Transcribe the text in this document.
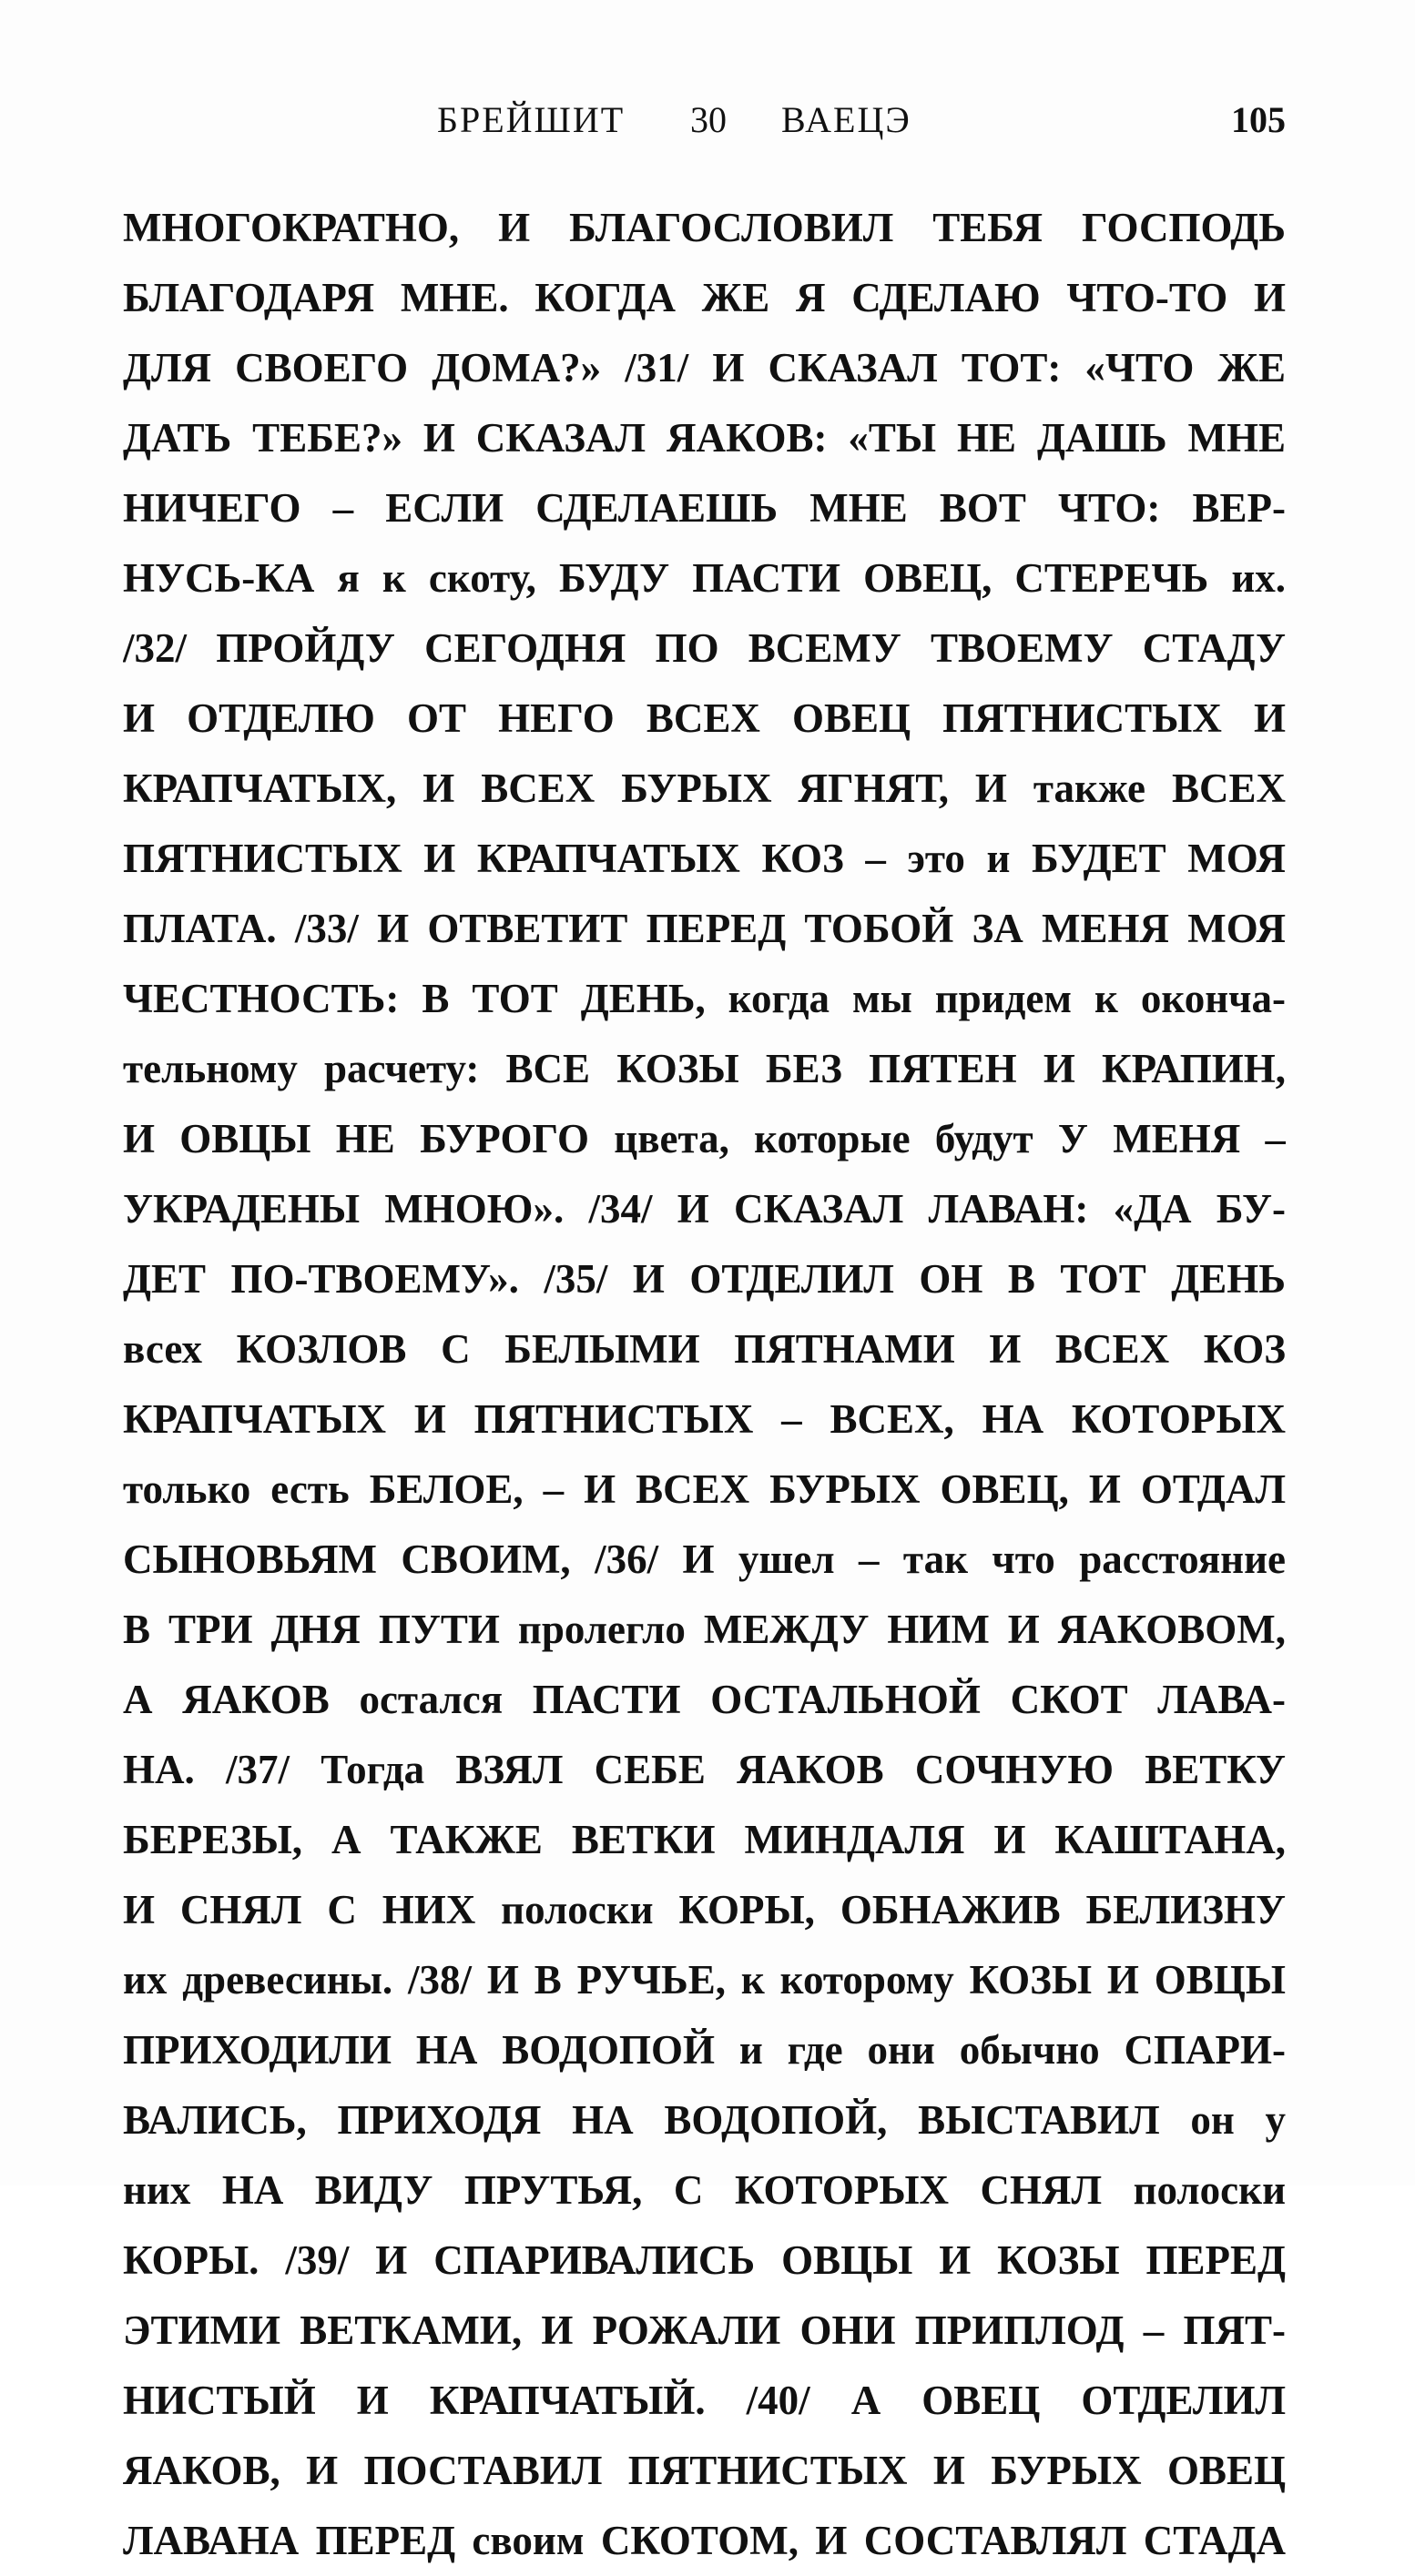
БРЕЙШИТ 30 ВАЕЦЭ	105
МНОГОКРАТНО, И БЛАГОСЛОВИЛ ТЕБЯ ГОСПОДЬ
БЛАГОДАРЯ МНЕ. КОГДА ЖЕ Я СДЕЛАЮ ЧТО-ТО И
ДЛЯ СВОЕГО ДОМА?» /31/ И СКАЗАЛ ТОТ: «ЧТО ЖЕ
ДАТЬ ТЕБЕ?» И СКАЗАЛ ЯАКОВ: «ТЫ НЕ ДАШЬ МНЕ
НИЧЕГО – ЕСЛИ СДЕЛАЕШЬ МНЕ ВОТ ЧТО: ВЕР-
НУСЬ-КА я к скоту, БУДУ ПАСТИ ОВЕЦ, СТЕРЕЧЬ их.
/32/ ПРОЙДУ СЕГОДНЯ ПО ВСЕМУ ТВОЕМУ СТАДУ
И ОТДЕЛЮ ОТ НЕГО ВСЕХ ОВЕЦ ПЯТНИСТЫХ И
КРАПЧАТЫХ, И ВСЕХ БУРЫХ ЯГНЯТ, И также ВСЕХ
ПЯТНИСТЫХ И КРАПЧАТЫХ КОЗ – это и БУДЕТ МОЯ
ПЛАТА. /33/ И ОТВЕТИТ ПЕРЕД ТОБОЙ ЗА МЕНЯ МОЯ
ЧЕСТНОСТЬ: В ТОТ ДЕНЬ, когда мы придем к оконча-
тельному расчету: ВСЕ КОЗЫ БЕЗ ПЯТЕН И КРАПИН,
И ОВЦЫ НЕ БУРОГО цвета, которые будут У МЕНЯ –
УКРАДЕНЫ МНОЮ». /34/ И СКАЗАЛ ЛАВАН: «ДА БУ-
ДЕТ ПО-ТВОЕМУ». /35/ И ОТДЕЛИЛ ОН В ТОТ ДЕНЬ
всех КОЗЛОВ С БЕЛЫМИ ПЯТНАМИ И ВСЕХ КОЗ
КРАПЧАТЫХ И ПЯТНИСТЫХ – ВСЕХ, НА КОТОРЫХ
только есть БЕЛОЕ, – И ВСЕХ БУРЫХ ОВЕЦ, И ОТДАЛ
СЫНОВЬЯМ СВОИМ, /36/ И ушел – так что расстояние
В ТРИ ДНЯ ПУТИ пролегло МЕЖДУ НИМ И ЯАКОВОМ,
А ЯАКОВ остался ПАСТИ ОСТАЛЬНОЙ СКОТ ЛАВА-
НА. /37/ Тогда ВЗЯЛ СЕБЕ ЯАКОВ СОЧНУЮ ВЕТКУ
БЕРЕЗЫ, А ТАКЖЕ ВЕТКИ МИНДАЛЯ И КАШТАНА,
И СНЯЛ С НИХ полоски КОРЫ, ОБНАЖИВ БЕЛИЗНУ
их древесины. /38/ И В РУЧЬЕ, к которому КОЗЫ И ОВЦЫ
ПРИХОДИЛИ НА ВОДОПОЙ и где они обычно СПАРИ-
ВАЛИСЬ, ПРИХОДЯ НА ВОДОПОЙ, ВЫСТАВИЛ он у
них НА ВИДУ ПРУТЬЯ, С КОТОРЫХ СНЯЛ полоски
КОРЫ. /39/ И СПАРИВАЛИСЬ ОВЦЫ И КОЗЫ ПЕРЕД
ЭТИМИ ВЕТКАМИ, И РОЖАЛИ ОНИ ПРИПЛОД – ПЯТ-
НИСТЫЙ И КРАПЧАТЫЙ. /40/ А ОВЕЦ ОТДЕЛИЛ
ЯАКОВ, И ПОСТАВИЛ ПЯТНИСТЫХ И БУРЫХ ОВЕЦ
ЛАВАНА ПЕРЕД своим СКОТОМ, И СОСТАВЛЯЛ СТАДА
